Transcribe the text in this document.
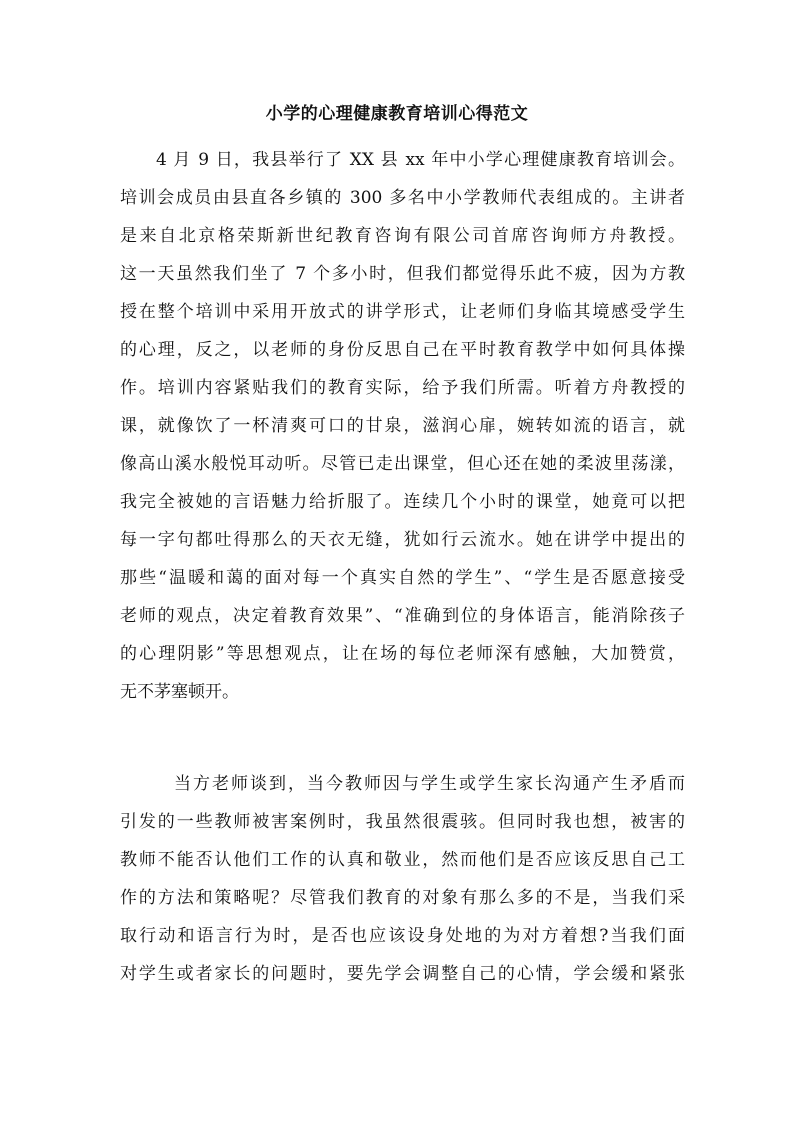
小学的心理健康教育培训心得范文
4 月 9 日，我县举行了 XX 县 xx 年中小学心理健康教育培训会。
培训会成员由县直各乡镇的 300 多名中小学教师代表组成的。主讲者
是来自北京格荣斯新世纪教育咨询有限公司首席咨询师方舟教授。
这一天虽然我们坐了 7 个多小时，但我们都觉得乐此不疲，因为方教
授在整个培训中采用开放式的讲学形式，让老师们身临其境感受学生
的心理，反之，以老师的身份反思自己在平时教育教学中如何具体操
作。培训内容紧贴我们的教育实际，给予我们所需。听着方舟教授的
课，就像饮了一杯清爽可口的甘泉，滋润心扉，婉转如流的语言，就
像高山溪水般悦耳动听。尽管已走出课堂，但心还在她的柔波里荡漾，
我完全被她的言语魅力给折服了。连续几个小时的课堂，她竟可以把
每一字句都吐得那么的天衣无缝，犹如行云流水。她在讲学中提出的
那些“温暖和蔼的面对每一个真实自然的学生”、“学生是否愿意接受
老师的观点，决定着教育效果”、“准确到位的身体语言，能消除孩子
的心理阴影”等思想观点，让在场的每位老师深有感触，大加赞赏，
无不茅塞顿开。
当方老师谈到，当今教师因与学生或学生家长沟通产生矛盾而
引发的一些教师被害案例时，我虽然很震骇。但同时我也想，被害的
教师不能否认他们工作的认真和敬业，然而他们是否应该反思自己工
作的方法和策略呢？尽管我们教育的对象有那么多的不是，当我们采
取行动和语言行为时，是否也应该设身处地的为对方着想?当我们面
对学生或者家长的问题时，要先学会调整自己的心情，学会缓和紧张
